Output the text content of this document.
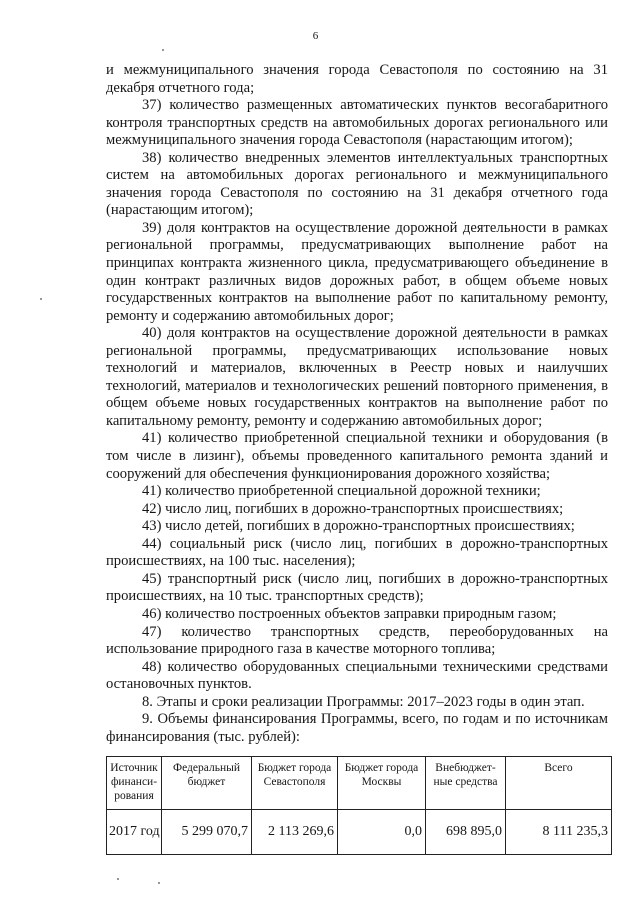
6

и межмуниципального значения города Севастополя по состоянию на 31 декабря отчетного года;

37) количество размещенных автоматических пунктов весогабаритного контроля транспортных средств на автомобильных дорогах регионального или межмуниципального значения города Севастополя (нарастающим итогом);

38) количество внедренных элементов интеллектуальных транспортных систем на автомобильных дорогах регионального и межмуниципального значения города Севастополя по состоянию на 31 декабря отчетного года (нарастающим итогом);

39) доля контрактов на осуществление дорожной деятельности в рамках региональной программы, предусматривающих выполнение работ на принципах контракта жизненного цикла, предусматривающего объединение в один контракт различных видов дорожных работ, в общем объеме новых государственных контрактов на выполнение работ по капитальному ремонту, ремонту и содержанию автомобильных дорог;

40) доля контрактов на осуществление дорожной деятельности в рамках региональной программы, предусматривающих использование новых технологий и материалов, включенных в Реестр новых и наилучших технологий, материалов и технологических решений повторного применения, в общем объеме новых государственных контрактов на выполнение работ по капитальному ремонту, ремонту и содержанию автомобильных дорог;

41) количество приобретенной специальной техники и оборудования (в том числе в лизинг), объемы проведенного капитального ремонта зданий и сооружений для обеспечения функционирования дорожного хозяйства;

41) количество приобретенной специальной дорожной техники;

42) число лиц, погибших в дорожно-транспортных происшествиях;

43) число детей, погибших в дорожно-транспортных происшествиях;

44) социальный риск (число лиц, погибших в дорожно-транспортных происшествиях, на 100 тыс. населения);

45) транспортный риск (число лиц, погибших в дорожно-транспортных происшествиях, на 10 тыс. транспортных средств);

46) количество построенных объектов заправки природным газом;

47) количество транспортных средств, переоборудованных на использование природного газа в качестве моторного топлива;

48) количество оборудованных специальными техническими средствами остановочных пунктов.

8. Этапы и сроки реализации Программы: 2017–2023 годы в один этап.

9. Объемы финансирования Программы, всего, по годам и по источникам финансирования (тыс. рублей):

Источник финанси-рования	Федеральный бюджет	Бюджет города Севастополя	Бюджет города Москвы	Внебюджет-ные средства	Всего
2017 год	5 299 070,7	2 113 269,6	0,0	698 895,0	8 111 235,3
